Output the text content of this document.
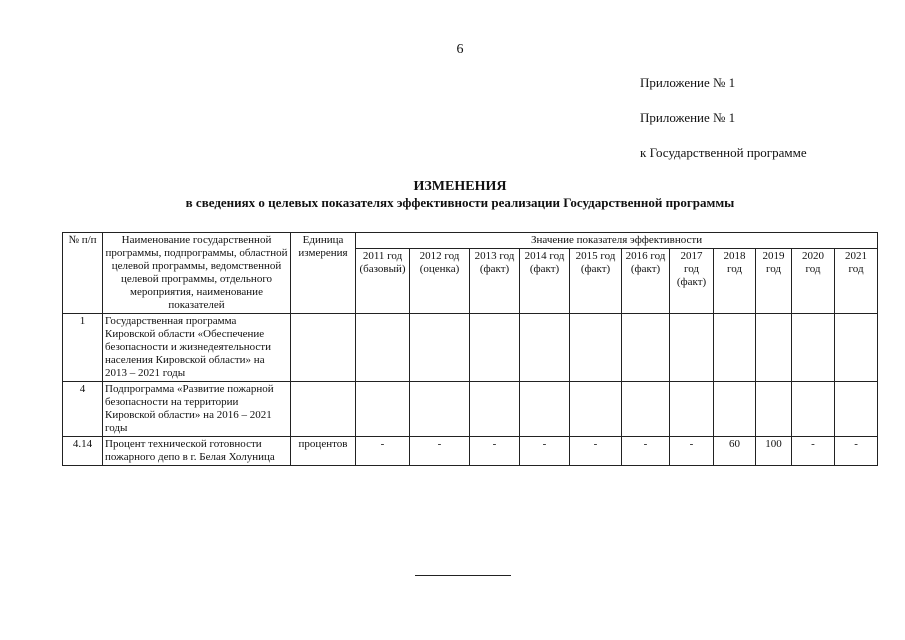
6
Приложение № 1
Приложение № 1
к Государственной программе
ИЗМЕНЕНИЯ
в сведениях о целевых показателях эффективности реализации Государственной программы
№ п/п	Наименование государственной программы, подпрограммы, областной целевой программы, ведомственной целевой программы, отдельного мероприятия, наименование показателей	Единица измерения	Значение показателя эффективности										
			2011 год (базовый)	2012 год (оценка)	2013 год (факт)	2014 год (факт)	2015 год (факт)	2016 год (факт)	2017 год (факт)	2018 год	2019 год	2020 год	2021 год
1	Государственная программа Кировской области «Обеспечение безопасности и жизнедеятельности населения Кировской области» на 2013 – 2021 годы												
4	Подпрограмма «Развитие пожарной безопасности на территории Кировской области» на 2016 – 2021 годы												
4.14	Процент технической готовности пожарного депо в г. Белая Холуница	процентов	-	-	-	-	-	-	-	60	100	-	-
